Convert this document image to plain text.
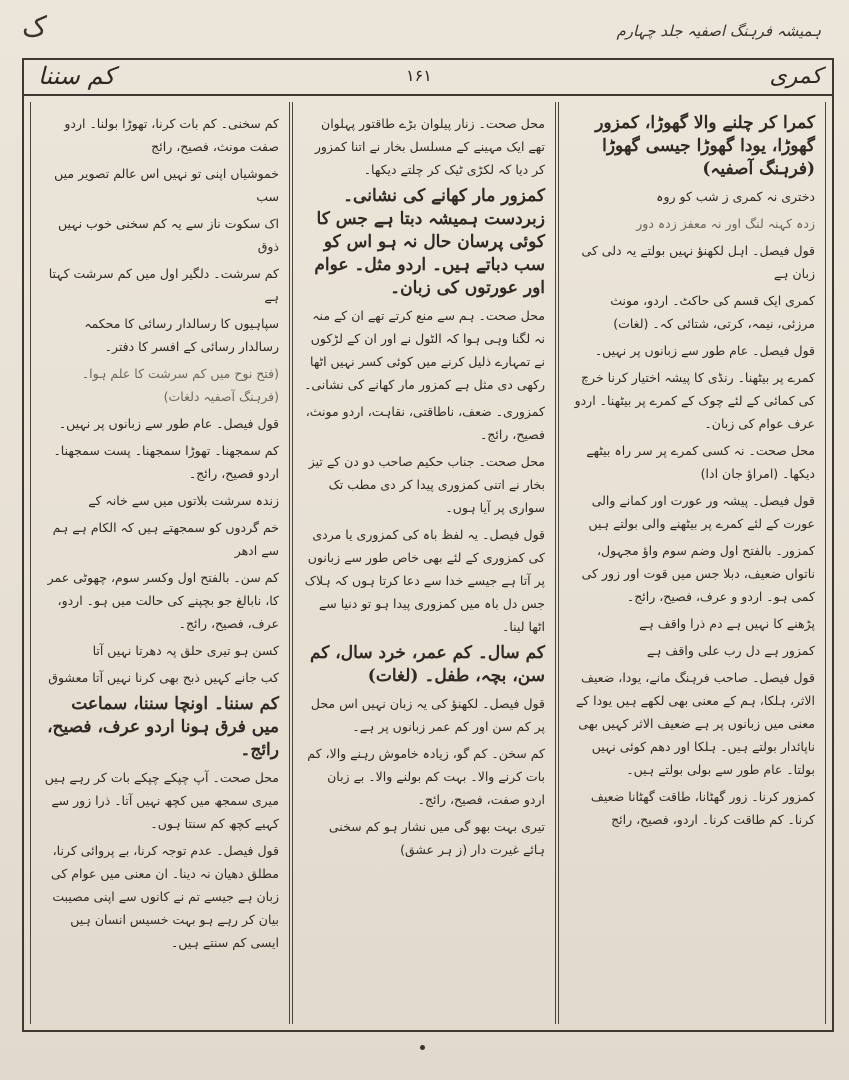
ک	ہمیشہ فرہنگ اصفیہ جلد چہارم
کم سننا	۱۶۱	کمری

کمرا کر چلنے والا گھوڑا، کمزور گھوڑا، یودا گھوڑا جیسی گھوڑا (فرہنگ آصفیہ)

دختری نہ کمری ز شب کو روہ

زدہ کہنہ لنگ اور نہ معفز زدہ دور

قول فیصل۔ اہل لکھنؤ نہیں بولتے یہ دلی کی زبان ہے

کمری ایک قسم کی حاکٹ۔ اردو، مونث مرزئی، نیمہ، کرتی، شتائی کہ۔ (لغات)

قول فیصل۔ عام طور سے زبانوں پر نہیں۔

کمرے پر بیٹھنا۔ رنڈی کا پیشہ اختیار کرنا خرچ کی کمائی کے لئے چوک کے کمرے پر بیٹھنا۔ اردو عرف عوام کی زبان۔

محل صحت۔ نہ کسی کمرے پر سر راہ بیٹھے دیکھا۔ (امراؤ جان ادا)

قول فیصل۔ پیشہ ور عورت اور کمانے والی عورت کے لئے کمرے پر بیٹھنے والی بولتے ہیں

کمزور۔ بالفتح اول وضم سوم واؤ مجہول، ناتواں ضعیف، دبلا جس میں قوت اور زور کی کمی ہو۔ اردو و عرف، فصیح، رائج۔

پڑھنے کا نہیں ہے دم ذرا واقف ہے

کمزور ہے دل رب علی واقف ہے

قول فیصل۔ صاحب فرہنگ مانے، یودا، ضعیف الاثر، ہلکا، ہم کے معنی بھی لکھے ہیں یودا کے معنی میں زبانوں پر ہے ضعیف الاثر کہیں بھی ناپائدار بولتے ہیں۔ ہلکا اور دھم کوئی نہیں بولتا۔ عام طور سے بولی بولتے ہیں۔

کمزور کرنا۔ زور گھٹانا، طاقت گھٹانا ضعیف کرنا۔ کم طاقت کرنا۔ اردو، فصیح، رائج

محل صحت۔ زنار پیلوان بڑے طاقتور پہلوان تھے ایک مہینے کے مسلسل بخار نے اتنا کمزور کر دیا کہ لکڑی ٹیک کر چلتے دیکھا۔

کمزور مار کھانے کی نشانی۔ زبردست ہمیشہ دبتا ہے جس کا کوئی پرسان حال نہ ہو اس کو سب دباتے ہیں۔ اردو مثل۔ عوام اور عورتوں کی زبان۔

محل صحت۔ ہم سے منع کرتے تھے ان کے منہ نہ لگنا وہی ہوا کہ الٹول نے اور ان کے لڑکوں نے تمہارے ذلیل کرنے میں کوئی کسر نہیں اٹھا رکھی دی مثل ہے کمزور مار کھانے کی نشانی۔

کمزوری۔ ضعف، ناطاقتی، نقاہت، اردو مونث، فصیح، رائج۔

محل صحت۔ جناب حکیم صاحب دو دن کے تیز بخار نے اتنی کمزوری پیدا کر دی مطب تک سواری پر آیا ہوں۔

قول فیصل۔ یہ لفظ باہ کی کمزوری یا مردی کی کمزوری کے لئے بھی خاص طور سے زبانوں پر آتا ہے جیسے خدا سے دعا کرتا ہوں کہ ہلاک جس دل باہ میں کمزوری پیدا ہو تو دنیا سے اٹھا لینا۔

کم سال۔ کم عمر، خرد سال، کم سن، بچہ، طفل۔ (لغات)

قول فیصل۔ لکھنؤ کی یہ زبان نہیں اس محل پر کم سن اور کم عمر زبانوں پر ہے۔

کم سخن۔ کم گو، زیادہ خاموش رہنے والا، کم بات کرنے والا۔ بہت کم بولنے والا۔ بے زبان اردو صفت، فصیح، رائج۔

تیری بہت بھو گی میں نشار ہو کم سخنی ہائے غیرت دار (ز ہر عشق)

کم سخنی۔ کم بات کرنا، تھوڑا بولنا۔ اردو صفت مونث، فصیح، رائج

خموشیاں اپنی تو نہیں اس عالم تصویر میں سب

اک سکوت ناز سے یہ کم سخنی خوب نہیں ذوق

کم سرشت۔ دلگیر اول میں کم سرشت کہتا ہے

سپاہیوں کا رسالدار رسائی کا محکمہ رسالدار رسائی کے افسر کا دفتر۔

(فتح نوح میں کم سرشت کا علم ہوا۔ (فرہنگ آصفیہ دلغات)

قول فیصل۔ عام طور سے زبانوں پر نہیں۔

کم سمجھنا۔ تھوڑا سمجھنا۔ پست سمجھنا۔ اردو فصیح، رائج۔

زندہ سرشت بلاتوں میں سے خانہ کے

خم گردوں کو سمجھتے ہیں کہ الکام ہے ہم سے ادھر

کم سن۔ بالفتح اول وکسر سوم، چھوٹی عمر کا، نابالغ جو بچپنے کی حالت میں ہو۔ اردو، عرف، فصیح، رائج۔

کسن ہو تیری حلق پہ دھرتا نہیں آتا

کب جانے کہیں ذبح بھی کرنا نہیں آتا معشوق

کم سننا۔ اونچا سننا، سماعت میں فرق ہونا اردو عرف، فصیح، رائج۔

محل صحت۔ آپ چپکے چپکے بات کر رہے ہیں میری سمجھ میں کچھ نہیں آتا۔ ذرا زور سے کہیے کچھ کم سنتا ہوں۔

قول فیصل۔ عدم توجہ کرنا، بے پروائی کرنا، مطلق دھیان نہ دینا۔ ان معنی میں عوام کی زبان ہے جیسے تم نے کانوں سے اپنی مصیبت بیان کر رہے ہو بہت خسیس انسان ہیں ایسی کم سنتے ہیں۔
